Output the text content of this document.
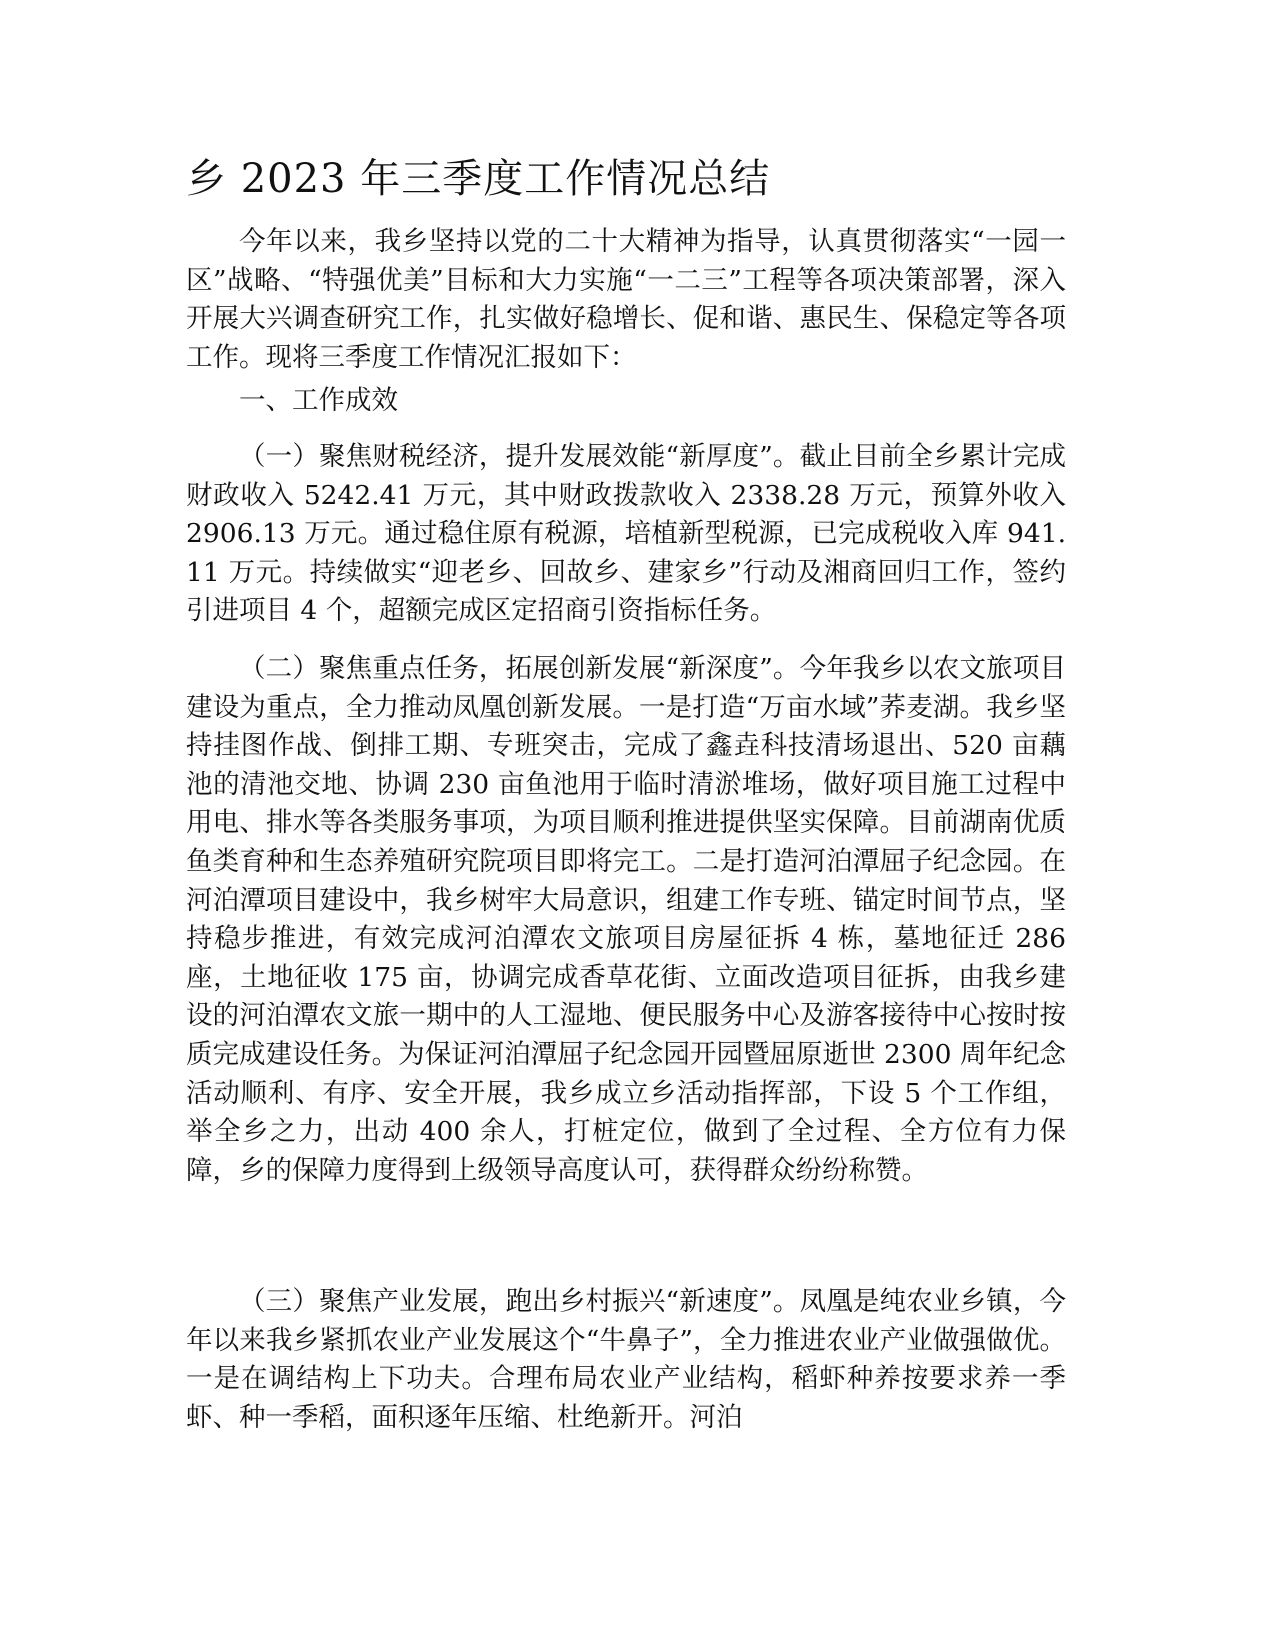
乡 2023 年三季度工作情况总结

今年以来，我乡坚持以党的二十大精神为指导，认真贯彻落实“一园一区”战略、“特强优美”目标和大力实施“一二三”工程等各项决策部署，深入开展大兴调查研究工作，扎实做好稳增长、促和谐、惠民生、保稳定等各项工作。现将三季度工作情况汇报如下：

一、工作成效

（一）聚焦财税经济，提升发展效能“新厚度”。截止目前全乡累计完成财政收入 5242.41 万元，其中财政拨款收入 2338.28 万元，预算外收入 2906.13 万元。通过稳住原有税源，培植新型税源，已完成税收入库 941.11 万元。持续做实“迎老乡、回故乡、建家乡”行动及湘商回归工作，签约引进项目 4 个，超额完成区定招商引资指标任务。

（二）聚焦重点任务，拓展创新发展“新深度”。今年我乡以农文旅项目建设为重点，全力推动凤凰创新发展。一是打造“万亩水域”荞麦湖。我乡坚持挂图作战、倒排工期、专班突击，完成了鑫垚科技清场退出、520 亩藕池的清池交地、协调 230 亩鱼池用于临时清淤堆场，做好项目施工过程中用电、排水等各类服务事项，为项目顺利推进提供坚实保障。目前湖南优质鱼类育种和生态养殖研究院项目即将完工。二是打造河泊潭屈子纪念园。在河泊潭项目建设中，我乡树牢大局意识，组建工作专班、锚定时间节点，坚持稳步推进，有效完成河泊潭农文旅项目房屋征拆 4 栋，墓地征迁 286 座，土地征收 175 亩，协调完成香草花街、立面改造项目征拆，由我乡建设的河泊潭农文旅一期中的人工湿地、便民服务中心及游客接待中心按时按质完成建设任务。为保证河泊潭屈子纪念园开园暨屈原逝世 2300 周年纪念活动顺利、有序、安全开展，我乡成立乡活动指挥部，下设 5 个工作组，举全乡之力，出动 400 余人，打桩定位，做到了全过程、全方位有力保障，乡的保障力度得到上级领导高度认可，获得群众纷纷称赞。

（三）聚焦产业发展，跑出乡村振兴“新速度”。凤凰是纯农业乡镇，今年以来我乡紧抓农业产业发展这个“牛鼻子”，全力推进农业产业做强做优。一是在调结构上下功夫。合理布局农业产业结构，稻虾种养按要求养一季虾、种一季稻，面积逐年压缩、杜绝新开。河泊
